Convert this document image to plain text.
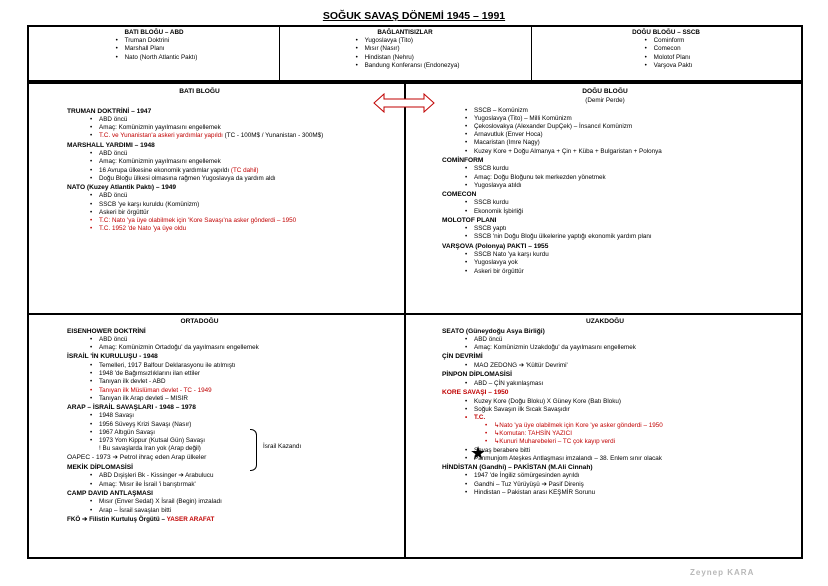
SOĞUK SAVAŞ DÖNEMİ 1945 – 1991
BATI BLOĞU – ABD
• Truman Doktrini
• Marshall Planı
• Nato (North Atlantic Paktı)
BAĞLANTISIZLAR
• Yugoslavya (Tito)
• Mısır (Nasır)
• Hindistan (Nehru)
• Bandung Konferansı (Endonezya)
DOĞU BLOĞU – SSCB
• Cominform
• Comecon
• Molotof Planı
• Varşova Paktı
BATI BLOĞU
TRUMAN DOKTRİNİ – 1947
• ABD öncü
• Amaç: Komünizmin yayılmasını engellemek
• T.C. ve Yunanistan'a askeri yardımlar yapıldı (TC - 100M$ / Yunanistan - 300M$)
MARSHALL YARDIMI – 1948
• ABD öncü
• Amaç: Komünizmin yayılmasını engellemek
• 16 Avrupa ülkesine ekonomik yardımlar yapıldı (TC dahil)
• Doğu Bloğu ülkesi olmasına rağmen Yugoslavya da yardım aldı
NATO (Kuzey Atlantik Paktı) – 1949
• ABD öncü
• SSCB 'ye karşı kuruldu (Komünizm)
• Askeri bir örgüttür
• T.C: Nato 'ya üye olabilmek için 'Kore Savaşı'na asker gönderdi – 1950
• T.C. 1952 'de Nato 'ya üye oldu
DOĞU BLOĞU
(Demir Perde)
• SSCB – Komünizm
• Yugoslavya (Tito) – Milli Komünizm
• Çekoslovakya (Alexander DupÇek) – İnsancıl Komünizm
• Arnavutluk (Enver Hoca)
• Macaristan (Imre Nagy)
• Kuzey Kore + Doğu Almanya + Çin + Küba + Bulgaristan + Polonya
COMİNFORM
• SSCB kurdu
• Amaç: Doğu Bloğunu tek merkezden yönetmek
• Yugoslavya atıldı
COMECON
• SSCB kurdu
• Ekonomik İşbirliği
MOLOTOF PLANI
• SSCB yaptı
• SSCB 'nin Doğu Bloğu ülkelerine yaptığı ekonomik yardım planı
VARŞOVA (Polonya) PAKTI – 1955
• SSCB Nato 'ya karşı kurdu
• Yugoslavya yok
• Askeri bir örgüttür
ORTADOĞU
EISENHOWER DOKTRİNİ
• ABD öncü
• Amaç: Komünizmin Ortadoğu' da yayılmasını engellemek
İSRAİL 'İN KURULUŞU - 1948
• Temelleri, 1917 Balfour Deklarasyonu ile atılmıştı
• 1948 'de Bağımsızlıklarını ilan ettiler
• Tanıyan ilk devlet - ABD
• Tanıyan ilk Müslüman devlet - TC - 1949
• Tanıyan ilk Arap devleti – MISIR
ARAP – İSRAİL SAVAŞLARI - 1948 – 1978
• 1948 Savaşı
• 1956 Süveyş Krizi Savaşı (Nasır)
• 1967 Altıgün Savaşı
• 1973 Yom Kippur (Kutsal Gün) Savaşı
! Bu savaşlarda Iran yok (Arap değil)
OAPEC - 1973 ➔ Petrol ihraç eden Arap ülkeler
MEKİK DİPLOMASİSİ
• ABD Dışişleri Bk - Kissinger ➔ Arabulucu
• Amaç: 'Mısır ile İsrail 'i barıştırmak'
CAMP DAVID ANTLAŞMASI
• Mısır (Enver Sedat) X İsrail (Begin) imzaladı
• Arap – İsrail savaşları bitti
FKÖ ➔ Filistin Kurtuluş Örgütü – YASER ARAFAT
İsrail Kazandı
UZAKDOĞU
SEATO (Güneydoğu Asya Birliği)
• ABD öncü
• Amaç: Komünizmin Uzakdoğu' da yayılmasını engellemek
ÇİN DEVRİMİ
• MAO ZEDONG ➔ 'Kültür Devrimi'
PİNPON DİPLOMASİSİ
• ABD – ÇİN yakınlaşması
KORE SAVAŞI – 1950
• Kuzey Kore (Doğu Bloku) X Güney Kore (Batı Bloku)
• Soğuk Savaşın ilk Sıcak Savaşıdır
• T.C.
• ↳Nato 'ya üye olabilmek için Kore 'ye asker gönderdi – 1950
• ↳Komutan: TAHSİN YAZICI
• ↳Kunuri Muharebeleri – TC çok kayıp verdi
• Savaş berabere bitti
• Panmunjom Ateşkes Antlaşması imzalandı – 38. Enlem sınır olacak
HİNDİSTAN (Gandhi) – PAKİSTAN (M.Ali Cinnah)
• 1947 'de İngiliz sömürgesinden ayrıldı
• Gandhi – Tuz Yürüyüşü ➔ Pasif Direniş
• Hindistan – Pakistan arası KEŞMİR Sorunu
★
Zeynep KARA
